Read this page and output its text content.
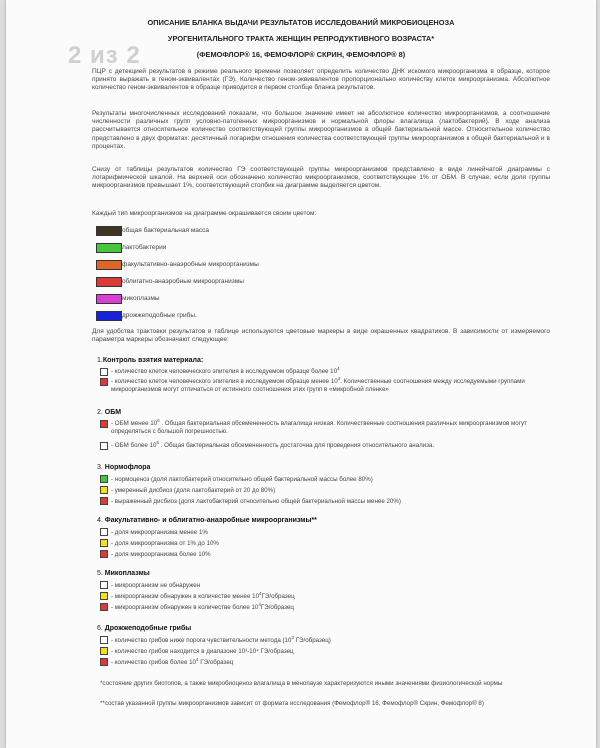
2 из 2
ОПИСАНИЕ БЛАНКА ВЫДАЧИ РЕЗУЛЬТАТОВ ИССЛЕДОВАНИЙ МИКРОБИОЦЕНОЗА
УРОГЕНИТАЛЬНОГО ТРАКТА ЖЕНЩИН РЕПРОДУКТИВНОГО ВОЗРАСТА*
(ФЕМОФЛОР® 16, ФЕМОФЛОР® СКРИН, ФЕМОФЛОР® 8)
ПЦР с детекцией результатов в режиме реального времени позволяет определить количество ДНК искомого микроорганизма в образце, которое принято выражать в геном-эквивалентах (ГЭ). Количество геном-эквивалентов пропорционально количеству клеток микроорганизма. Абсолютное количество геном-эквивалентов в образце приводится в первом столбце бланка результатов.
Результаты многочисленных исследований показали, что большое значение имеет не абсолютное количество микроорганизмов, а соотношение численности различных групп условно-патогенных микроорганизмов и нормальной флоры влагалища (лактобактерий). В ходе анализа рассчитывается относительное количество соответствующей группы микроорганизмов в общей бактериальной массе. Относительное количество представлено в двух форматах: десятичный логарифм отношения количества соответствующей группы микроорганизмов к общей бактериальной и в процентах.
Снизу от таблицы результатов количество ГЭ соответствующей группы микроорганизмов представлено в виде линейчатой диаграммы с логарифмической шкалой. На верхней оси обозначено количество микроорганизмов, соответствующее 1% от ОБМ. В случае, если доля группы микроорганизмов превышает 1%, соответствующий столбик на диаграмме выделяется цветом.
Каждый тип микроорганизмов на диаграмме окрашивается своим цветом:
общая бактериальная масса
лактобактерии
факультативно-анаэробные микроорганизмы
облигатно-анаэробные микроорганизмы
микоплазмы
дрожжеподобные грибы.
Для удобства трактовки результатов в таблице используются цветовые маркеры в виде окрашенных квадратиков. В зависимости от измеряемого параметра маркеры обозначают следующее:
1.Контроль взятия материала:
- количество клеток человеческого эпителия в исследуемом образце более $10^4$
- количество клеток человеческого эпителия в исследуемом образце менее $10^4$. Количественные соотношения между исследуемыми группами микроорганизмов могут отличаться от истинного соотношения этих групп в «микробной пленке»
2. ОБМ
- ОБМ менее $10^6$ . Общая бактериальная обсемененность влагалища низкая. Количественные соотношения различных микроорганизмов могут определяться с большой погрешностью.
- ОБМ более $10^6$ . Общая бактериальная обсемененность достаточна для проведения относительного анализа.
3. Нормофлора
- нормоценоз (доля лактобактерий относительно общей бактериальной массы более 80%)
- умеренный дисбиоз (доля лактобактерий от 20 до 80%)
- выраженный дисбиоз (доля лактобактерий относительно общей бактериальной массы менее 20%)
4. Факультативно- и облигатно-анаэробные микроорганизмы**
- доля микроорганизма менее 1%
- доля микроорганизма от 1% до 10%
- доля микроорганизма более 10%
5. Микоплазмы
- микроорганизм не обнаружен
- микроорганизм обнаружен в количестве менее $10^4ГЭ$/образец
- микроорганизм обнаружен в количестве более $10^4ГЭ$/образец
6. Дрожжеподобные грибы
- количество грибов ниже порога чувствительности метода ($10^3$ ГЭ/образец)
- количество грибов находится в диапазоне 10³-10⁴ ГЭ/образец
- количество грибов более $10^4$ ГЭ/образец
*состояние других биотопов, а также микробиоценоз влагалища в менопаузе характеризуются иными значениями физиологической нормы
**состав указанной группы микроорганизмов зависит от формата исследования (Фемофлор® 16, Фемофлор® Скрин, Фемофлор® 8)
